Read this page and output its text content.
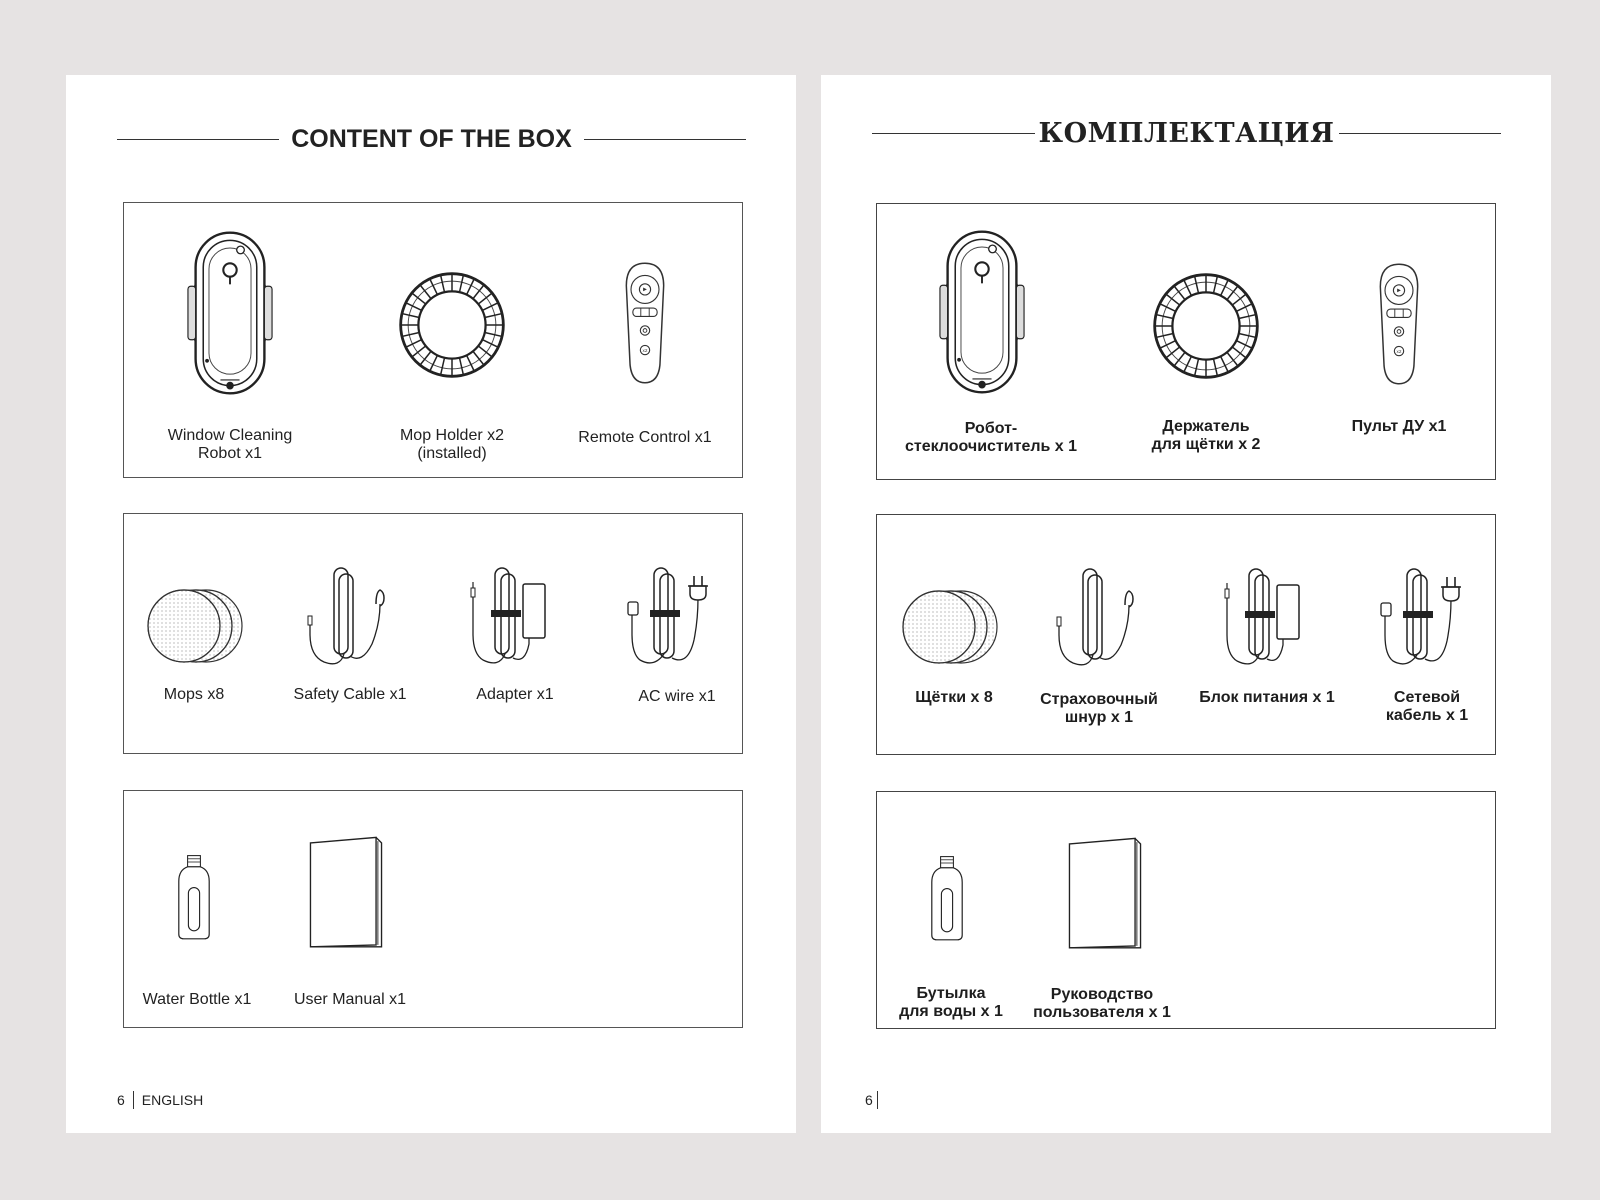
CONTENT OF THE BOX
Window Cleaning
Robot x1
Mop Holder x2
(installed)
Remote Control x1
Mops x8	Safety Cable x1	Adapter x1	AC wire x1
Water Bottle x1	User Manual x1
6 ENGLISH
КОМПЛЕКТАЦИЯ
Робот-
стеклоочиститель х 1
Держатель
для щётки х 2
Пульт ДУ х1
Щётки х 8	Страховочный
шнур х 1
Блок питания х 1	Сетевой
кабель х 1
Бутылка
для воды х 1
Руководство
пользователя х 1
6
